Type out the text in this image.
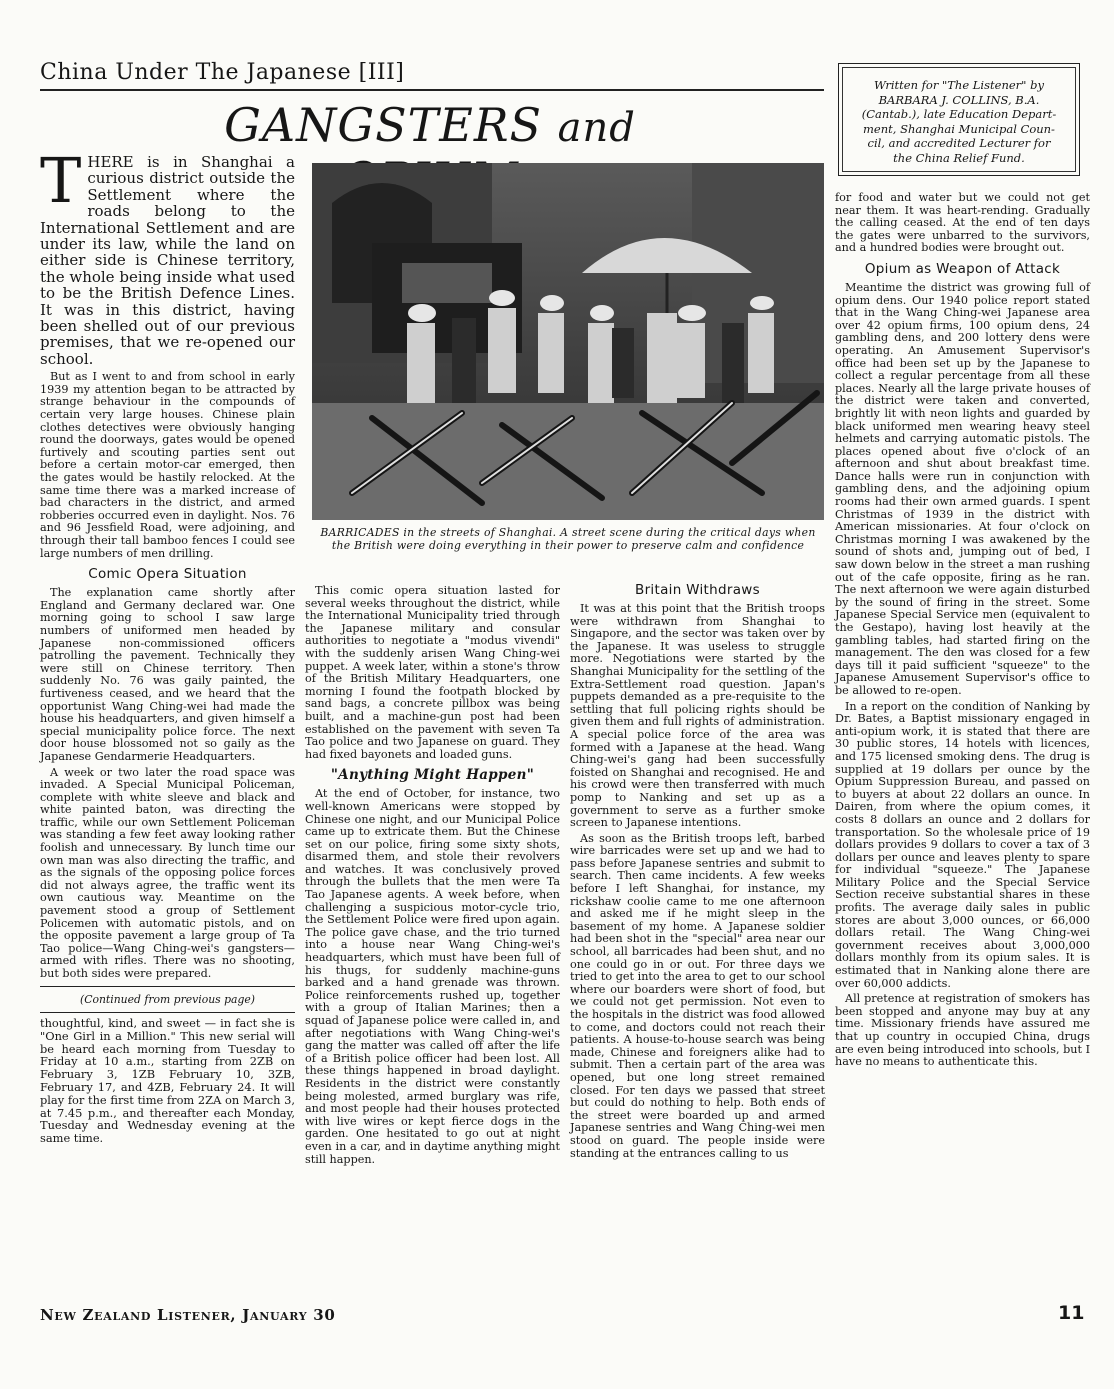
China Under The Japanese [III]
GANGSTERS and
Written for "The Listener" by
BARBARA J. COLLINS, B.A.
(Cantab.), late Education Depart-
ment, Shanghai Municipal Coun-
cil, and accredited Lecturer for
the China Relief Fund.
THERE is in Shanghai a curious district outside the Settlement where the roads belong to the International Settlement and are under its law, while the land on either side is Chinese territory, the whole being inside what used to be the British Defence Lines. It was in this district, having been shelled out of our previous premises, that we re-opened our school.

But as I went to and from school in early 1939 my attention began to be attracted by strange behaviour in the compounds of certain very large houses. Chinese plain clothes detectives were obviously hanging round the doorways, gates would be opened furtively and scouting parties sent out before a certain motor-car emerged, then the gates would be hastily relocked. At the same time there was a marked increase of bad characters in the district, and armed robberies occurred even in daylight. Nos. 76 and 96 Jessfield Road, were adjoining, and through their tall bamboo fences I could see large numbers of men drilling.

Comic Opera Situation

The explanation came shortly after England and Germany declared war. One morning going to school I saw large numbers of uniformed men headed by Japanese non-commissioned officers patrolling the pavement. Technically they were still on Chinese territory. Then suddenly No. 76 was gaily painted, the furtiveness ceased, and we heard that the opportunist Wang Ching-wei had made the house his headquarters, and given himself a special municipality police force. The next door house blossomed not so gaily as the Japanese Gendarmerie Headquarters.

A week or two later the road space was invaded. A Special Municipal Policeman, complete with white sleeve and black and white painted baton, was directing the traffic, while our own Settlement Policeman was standing a few feet away looking rather foolish and unnecessary. By lunch time our own man was also directing the traffic, and as the signals of the opposing police forces did not always agree, the traffic went its own cautious way. Meantime on the pavement stood a group of Settlement Policemen with automatic pistols, and on the opposite pavement a large group of Ta Tao police—Wang Ching-wei's gangsters—armed with rifles. There was no shooting, but both sides were prepared.

(Continued from previous page)

thoughtful, kind, and sweet — in fact she is "One Girl in a Million." This new serial will be heard each morning from Tuesday to Friday at 10 a.m., starting from 2ZB on February 3, 1ZB February 10, 3ZB, February 17, and 4ZB, February 24. It will play for the first time from 2ZA on March 3, at 7.45 p.m., and thereafter each Monday, Tuesday and Wednesday evening at the same time.

BARRICADES in the streets of Shanghai. A street scene during the critical days when the British were doing everything in their power to preserve calm and confidence

This comic opera situation lasted for several weeks throughout the district, while the International Municipality tried through the Japanese military and consular authorities to negotiate a "modus vivendi" with the suddenly arisen Wang Ching-wei puppet. A week later, within a stone's throw of the British Military Headquarters, one morning I found the footpath blocked by sand bags, a concrete pillbox was being built, and a machine-gun post had been established on the pavement with seven Ta Tao police and two Japanese on guard. They had fixed bayonets and loaded guns.

"Anything Might Happen"

At the end of October, for instance, two well-known Americans were stopped by Chinese one night, and our Municipal Police came up to extricate them. But the Chinese set on our police, firing some sixty shots, disarmed them, and stole their revolvers and watches. It was conclusively proved through the bullets that the men were Ta Tao Japanese agents. A week before, when challenging a suspicious motor-cycle trio, the Settlement Police were fired upon again. The police gave chase, and the trio turned into a house near Wang Ching-wei's headquarters, which must have been full of his thugs, for suddenly machine-guns barked and a hand grenade was thrown. Police reinforcements rushed up, together with a group of Italian Marines; then a squad of Japanese police were called in, and after negotiations with Wang Ching-wei's gang the matter was called off after the life of a British police officer had been lost. All these things happened in broad daylight. Residents in the district were constantly being molested, armed burglary was rife, and most people had their houses protected with live wires or kept fierce dogs in the garden. One hesitated to go out at night even in a car, and in daytime anything might still happen.

Britain Withdraws

It was at this point that the British troops were withdrawn from Shanghai to Singapore, and the sector was taken over by the Japanese. It was useless to struggle more. Negotiations were started by the Shanghai Municipality for the settling of the Extra-Settlement road question. Japan's puppets demanded as a pre-requisite to the settling that full policing rights should be given them and full rights of administration. A special police force of the area was formed with a Japanese at the head. Wang Ching-wei's gang had been successfully foisted on Shanghai and recognised. He and his crowd were then transferred with much pomp to Nanking and set up as a government to serve as a further smoke screen to Japanese intentions.

As soon as the British troops left, barbed wire barricades were set up and we had to pass before Japanese sentries and submit to search. Then came incidents. A few weeks before I left Shanghai, for instance, my rickshaw coolie came to me one afternoon and asked me if he might sleep in the basement of my home. A Japanese soldier had been shot in the "special" area near our school, all barricades had been shut, and no one could go in or out. For three days we tried to get into the area to get to our school where our boarders were short of food, but we could not get permission. Not even to the hospitals in the district was food allowed to come, and doctors could not reach their patients. A house-to-house search was being made, Chinese and foreigners alike had to submit. Then a certain part of the area was opened, but one long street remained closed. For ten days we passed that street but could do nothing to help. Both ends of the street were boarded up and armed Japanese sentries and Wang Ching-wei men stood on guard. The people inside were standing at the entrances calling to us

for food and water but we could not get near them. It was heart-rending. Gradually the calling ceased. At the end of ten days the gates were unbarred to the survivors, and a hundred bodies were brought out.

Opium as Weapon of Attack

Meantime the district was growing full of opium dens. Our 1940 police report stated that in the Wang Ching-wei Japanese area over 42 opium firms, 100 opium dens, 24 gambling dens, and 200 lottery dens were operating. An Amusement Supervisor's office had been set up by the Japanese to collect a regular percentage from all these places. Nearly all the large private houses of the district were taken and converted, brightly lit with neon lights and guarded by black uniformed men wearing heavy steel helmets and carrying automatic pistols. The places opened about five o'clock of an afternoon and shut about breakfast time. Dance halls were run in conjunction with gambling dens, and the adjoining opium rooms had their own armed guards. I spent Christmas of 1939 in the district with American missionaries. At four o'clock on Christmas morning I was awakened by the sound of shots and, jumping out of bed, I saw down below in the street a man rushing out of the cafe opposite, firing as he ran. The next afternoon we were again disturbed by the sound of firing in the street. Some Japanese Special Service men (equivalent to the Gestapo), having lost heavily at the gambling tables, had started firing on the management. The den was closed for a few days till it paid sufficient "squeeze" to the Japanese Amusement Supervisor's office to be allowed to re-open.

In a report on the condition of Nanking by Dr. Bates, a Baptist missionary engaged in anti-opium work, it is stated that there are 30 public stores, 14 hotels with licences, and 175 licensed smoking dens. The drug is supplied at 19 dollars per ounce by the Opium Suppression Bureau, and passed on to buyers at about 22 dollars an ounce. In Dairen, from where the opium comes, it costs 8 dollars an ounce and 2 dollars for transportation. So the wholesale price of 19 dollars provides 9 dollars to cover a tax of 3 dollars per ounce and leaves plenty to spare for individual "squeeze." The Japanese Military Police and the Special Service Section receive substantial shares in these profits. The average daily sales in public stores are about 3,000 ounces, or 66,000 dollars retail. The Wang Ching-wei government receives about 3,000,000 dollars monthly from its opium sales. It is estimated that in Nanking alone there are over 60,000 addicts.

All pretence at registration of smokers has been stopped and anyone may buy at any time. Missionary friends have assured me that up country in occupied China, drugs are even being introduced into schools, but I have no means to authenticate this.

New Zealand Listener, January 30	11
